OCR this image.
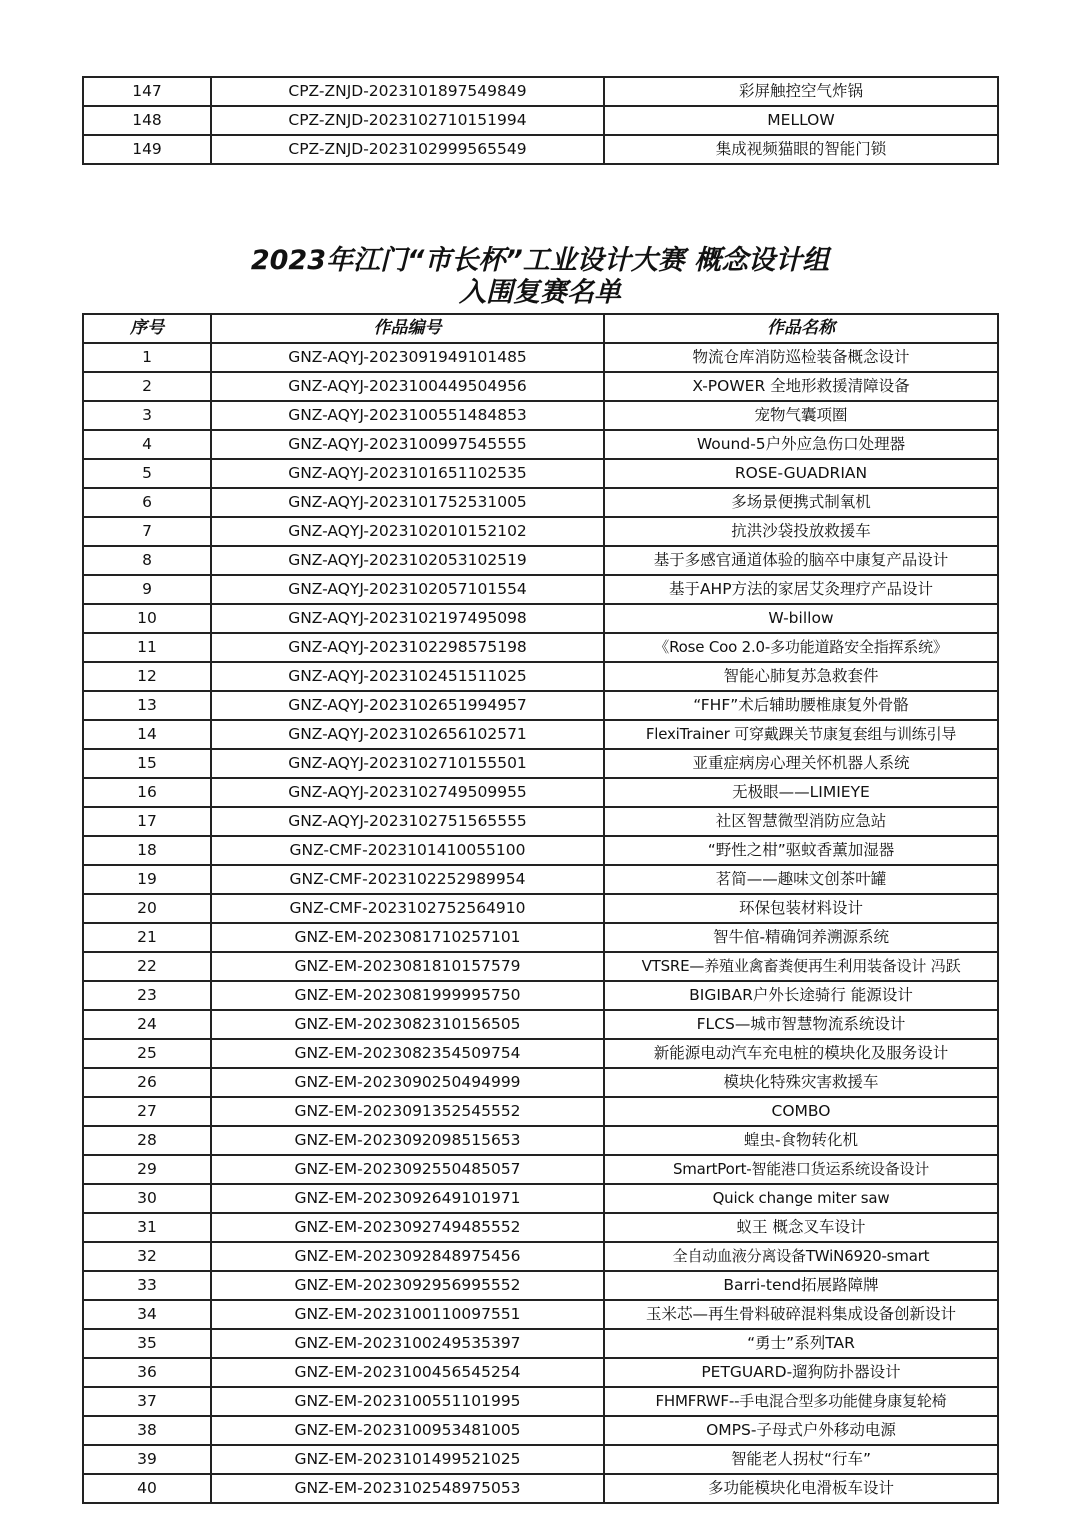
147	CPZ-ZNJD-2023101897549849	彩屏触控空气炸锅
148	CPZ-ZNJD-2023102710151994	MELLOW
149	CPZ-ZNJD-2023102999565549	集成视频猫眼的智能门锁
2023年江门“市长杯”工业设计大赛 概念设计组
入围复赛名单
序号	作品编号	作品名称
1	GNZ-AQYJ-2023091949101485	物流仓库消防巡检装备概念设计
2	GNZ-AQYJ-2023100449504956	X-POWER 全地形救援清障设备
3	GNZ-AQYJ-2023100551484853	宠物气囊项圈
4	GNZ-AQYJ-2023100997545555	Wound-5户外应急伤口处理器
5	GNZ-AQYJ-2023101651102535	ROSE-GUADRIAN
6	GNZ-AQYJ-2023101752531005	多场景便携式制氧机
7	GNZ-AQYJ-2023102010152102	抗洪沙袋投放救援车
8	GNZ-AQYJ-2023102053102519	基于多感官通道体验的脑卒中康复产品设计
9	GNZ-AQYJ-2023102057101554	基于AHP方法的家居艾灸理疗产品设计
10	GNZ-AQYJ-2023102197495098	W-billow
11	GNZ-AQYJ-2023102298575198	《Rose Coo 2.0-多功能道路安全指挥系统》
12	GNZ-AQYJ-2023102451511025	智能心肺复苏急救套件
13	GNZ-AQYJ-2023102651994957	“FHF”术后辅助腰椎康复外骨骼
14	GNZ-AQYJ-2023102656102571	FlexiTrainer 可穿戴踝关节康复套组与训练引导
15	GNZ-AQYJ-2023102710155501	亚重症病房心理关怀机器人系统
16	GNZ-AQYJ-2023102749509955	无极眼——LIMIEYE
17	GNZ-AQYJ-2023102751565555	社区智慧微型消防应急站
18	GNZ-CMF-2023101410055100	“野性之柑”驱蚊香薰加湿器
19	GNZ-CMF-2023102252989954	茗简——趣味文创茶叶罐
20	GNZ-CMF-2023102752564910	环保包装材料设计
21	GNZ-EM-2023081710257101	智牛倌-精确饲养溯源系统
22	GNZ-EM-2023081810157579	VTSRE—养殖业禽畜粪便再生利用装备设计 冯跃
23	GNZ-EM-2023081999995750	BIGIBAR户外长途骑行 能源设计
24	GNZ-EM-2023082310156505	FLCS—城市智慧物流系统设计
25	GNZ-EM-2023082354509754	新能源电动汽车充电桩的模块化及服务设计
26	GNZ-EM-2023090250494999	模块化特殊灾害救援车
27	GNZ-EM-2023091352545552	COMBO
28	GNZ-EM-2023092098515653	蝗虫-食物转化机
29	GNZ-EM-2023092550485057	SmartPort-智能港口货运系统设备设计
30	GNZ-EM-2023092649101971	Quick change miter saw
31	GNZ-EM-2023092749485552	蚁王 概念叉车设计
32	GNZ-EM-2023092848975456	全自动血液分离设备TWiN6920-smart
33	GNZ-EM-2023092956995552	Barri-tend拓展路障牌
34	GNZ-EM-2023100110097551	玉米芯—再生骨料破碎混料集成设备创新设计
35	GNZ-EM-2023100249535397	“勇士”系列TAR
36	GNZ-EM-2023100456545254	PETGUARD-遛狗防扑器设计
37	GNZ-EM-2023100551101995	FHMFRWF--手电混合型多功能健身康复轮椅
38	GNZ-EM-2023100953481005	OMPS-子母式户外移动电源
39	GNZ-EM-2023101499521025	智能老人拐杖“行车”
40	GNZ-EM-2023102548975053	多功能模块化电滑板车设计
